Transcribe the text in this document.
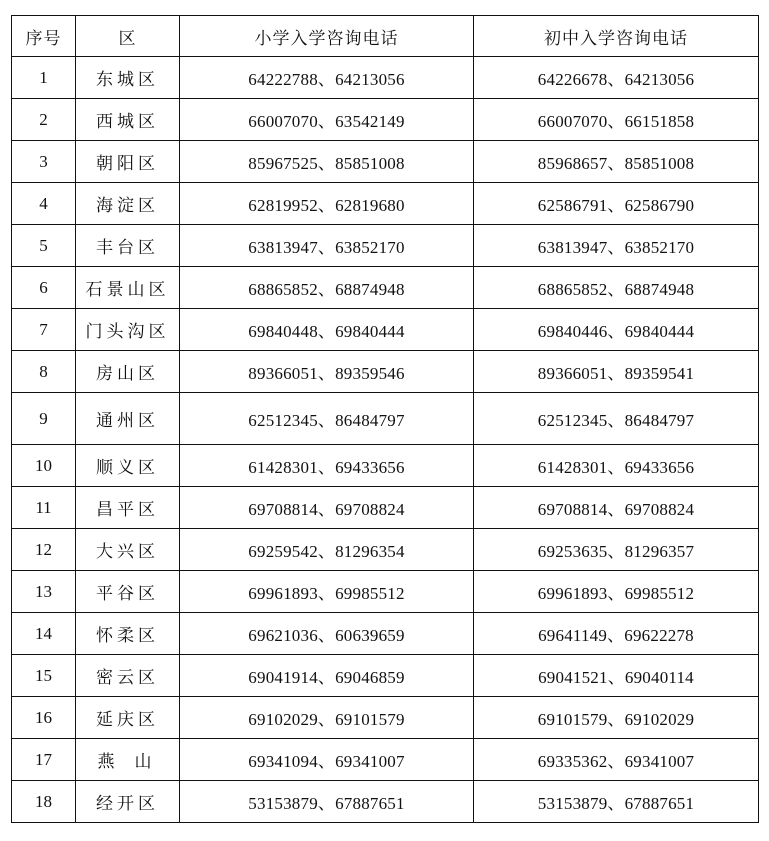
序号	区	小学入学咨询电话	初中入学咨询电话
1	东城区	64222788、64213056	64226678、64213056
2	西城区	66007070、63542149	66007070、66151858
3	朝阳区	85967525、85851008	85968657、85851008
4	海淀区	62819952、62819680	62586791、62586790
5	丰台区	63813947、63852170	63813947、63852170
6	石景山区	68865852、68874948	68865852、68874948
7	门头沟区	69840448、69840444	69840446、69840444
8	房山区	89366051、89359546	89366051、89359541
9	通州区	62512345、86484797	62512345、86484797
10	顺义区	61428301、69433656	61428301、69433656
11	昌平区	69708814、69708824	69708814、69708824
12	大兴区	69259542、81296354	69253635、81296357
13	平谷区	69961893、69985512	69961893、69985512
14	怀柔区	69621036、60639659	69641149、69622278
15	密云区	69041914、69046859	69041521、69040114
16	延庆区	69102029、69101579	69101579、69102029
17	燕山	69341094、69341007	69335362、69341007
18	经开区	53153879、67887651	53153879、67887651
